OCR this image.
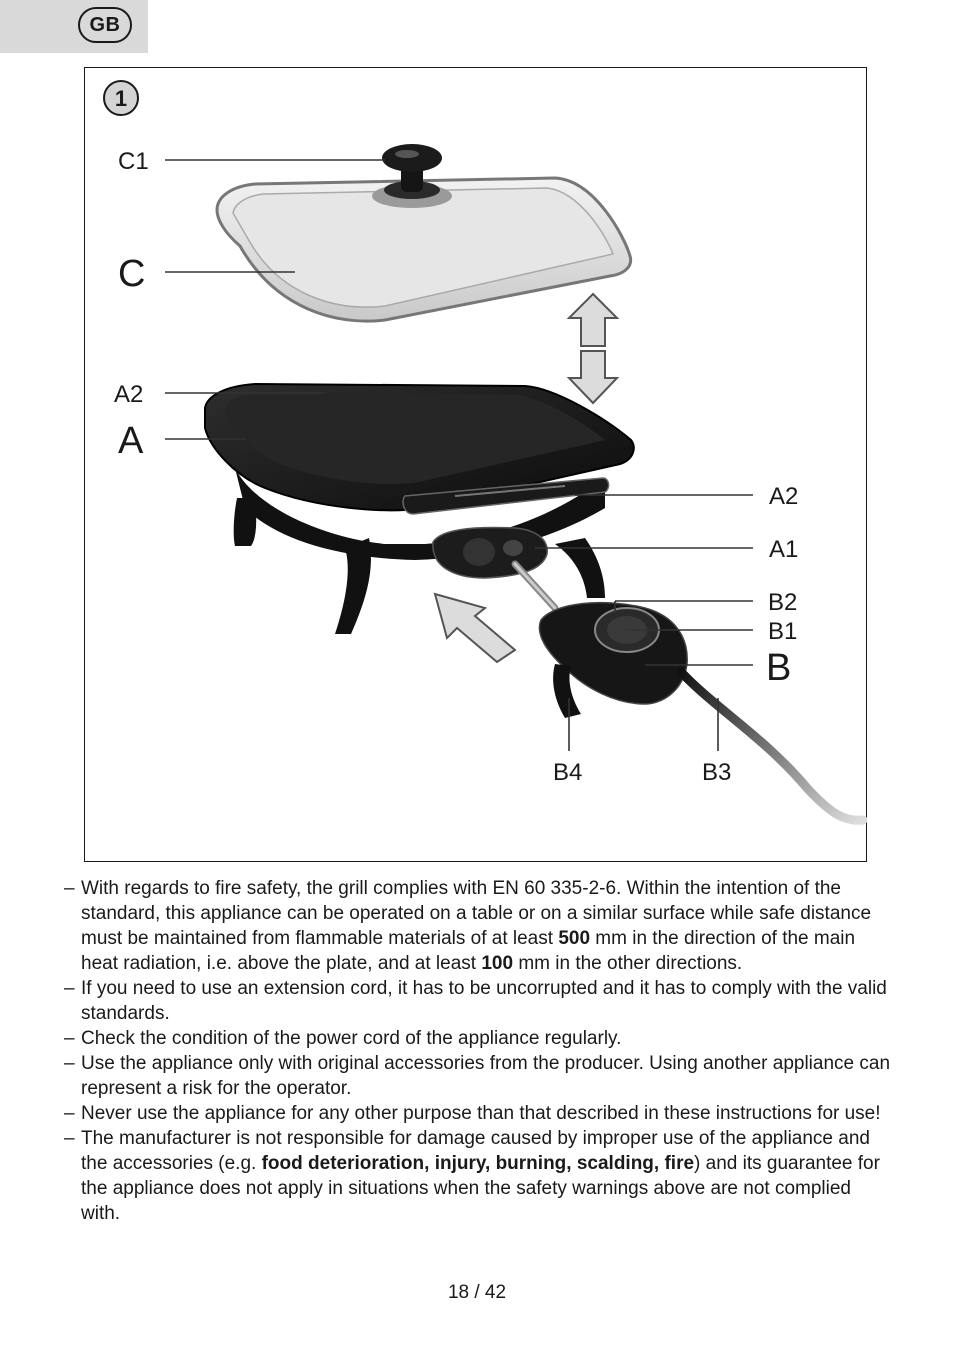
GB
1
C1
C
A2
A
A2
A1
B2
B1
B
B4	B3

– With regards to fire safety, the grill complies with EN 60 335-2-6. Within the intention of the standard, this appliance can be operated on a table or on a similar surface while safe distance must be maintained from flammable materials of at least 500 mm in the direction of the main heat radiation, i.e. above the plate, and at least 100 mm in the other directions.

– If you need to use an extension cord, it has to be uncorrupted and it has to comply with the valid standards.

– Check the condition of the power cord of the appliance regularly.

– Use the appliance only with original accessories from the producer. Using another appliance can represent a risk for the operator.

– Never use the appliance for any other purpose than that described in these instructions for use!

– The manufacturer is not responsible for damage caused by improper use of the appliance and the accessories (e.g. food deterioration, injury, burning, scalding, fire) and its guarantee for the appliance does not apply in situations when the safety warnings above are not complied with.

18 / 42
